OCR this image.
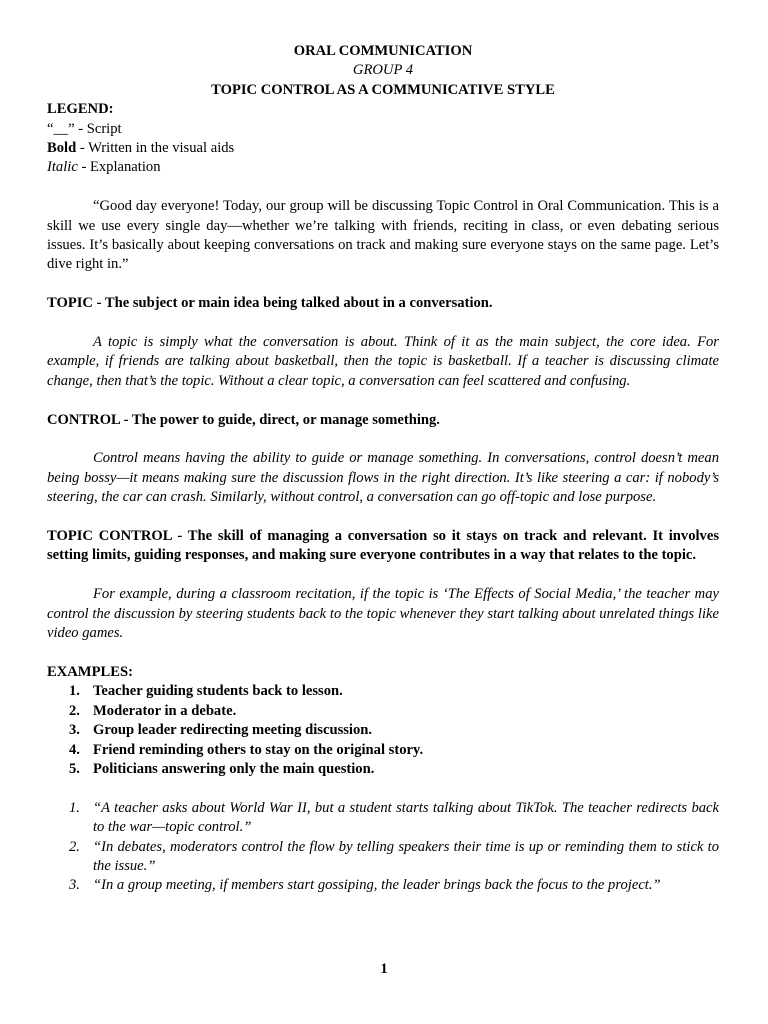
ORAL COMMUNICATION

GROUP 4

TOPIC CONTROL AS A COMMUNICATIVE STYLE

LEGEND:

“__” - Script

Bold - Written in the visual aids

Italic - Explanation

“Good day everyone! Today, our group will be discussing Topic Control in Oral Communication. This is a skill we use every single day—whether we’re talking with friends, reciting in class, or even debating serious issues. It’s basically about keeping conversations on track and making sure everyone stays on the same page. Let’s dive right in.”

TOPIC - The subject or main idea being talked about in a conversation.

A topic is simply what the conversation is about. Think of it as the main subject, the core idea. For example, if friends are talking about basketball, then the topic is basketball. If a teacher is discussing climate change, then that’s the topic. Without a clear topic, a conversation can feel scattered and confusing.

CONTROL - The power to guide, direct, or manage something.

Control means having the ability to guide or manage something. In conversations, control doesn’t mean being bossy—it means making sure the discussion flows in the right direction. It’s like steering a car: if nobody’s steering, the car can crash. Similarly, without control, a conversation can go off-topic and lose purpose.

TOPIC CONTROL - The skill of managing a conversation so it stays on track and relevant. It involves setting limits, guiding responses, and making sure everyone contributes in a way that relates to the topic.

For example, during a classroom recitation, if the topic is ‘The Effects of Social Media,’ the teacher may control the discussion by steering students back to the topic whenever they start talking about unrelated things like video games.

EXAMPLES:

1. Teacher guiding students back to lesson.
2. Moderator in a debate.
3. Group leader redirecting meeting discussion.
4. Friend reminding others to stay on the original story.
5. Politicians answering only the main question.
1. “A teacher asks about World War II, but a student starts talking about TikTok. The teacher redirects back to the war—topic control.”
2. “In debates, moderators control the flow by telling speakers their time is up or reminding them to stick to the issue.”
3. “In a group meeting, if members start gossiping, the leader brings back the focus to the project.”
1
